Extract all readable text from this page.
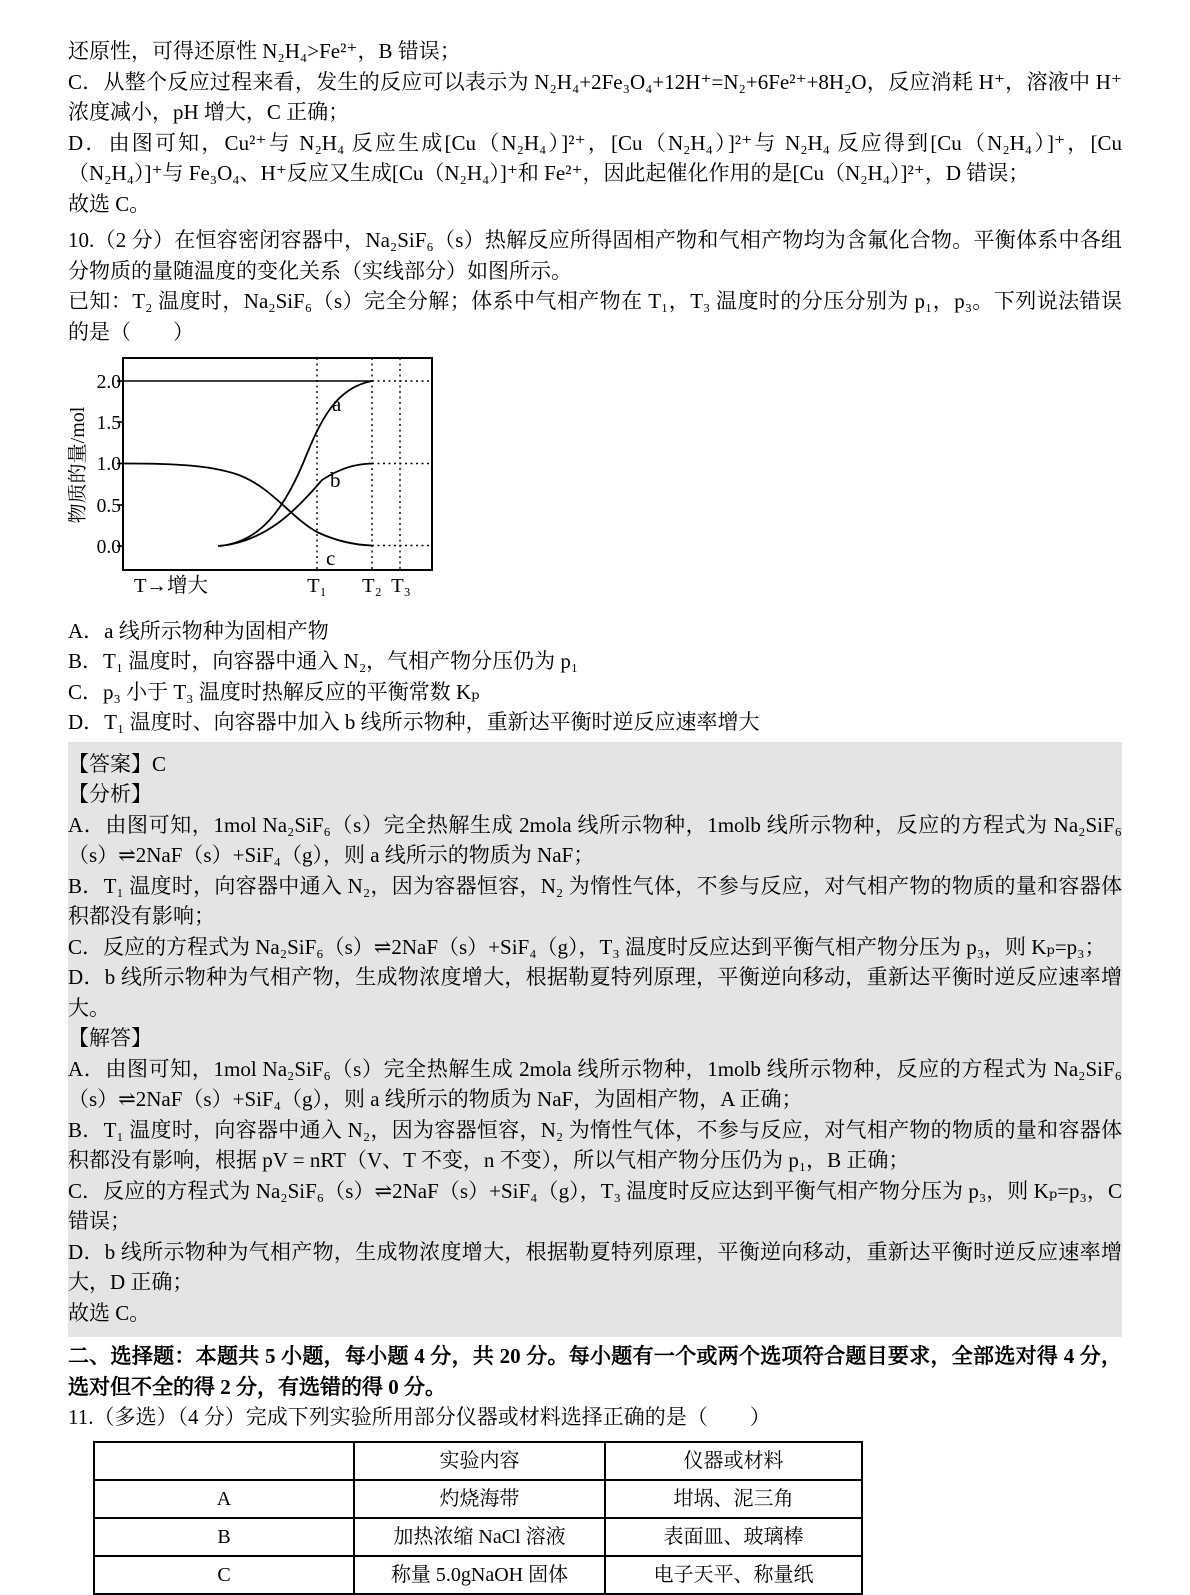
还原性，可得还原性 N₂H₄>Fe²⁺，B 错误；

C．从整个反应过程来看，发生的反应可以表示为 N₂H₄+2Fe₃O₄+12H⁺=N₂+6Fe²⁺+8H₂O，反应消耗 H⁺，溶液中 H⁺浓度减小，pH 增大，C 正确；

D．由图可知，Cu²⁺与 N₂H₄ 反应生成[Cu（N₂H₄）]²⁺，[Cu（N₂H₄）]²⁺与 N₂H₄ 反应得到[Cu（N₂H₄）]⁺，[Cu（N₂H₄）]⁺与 Fe₃O₄、H⁺反应又生成[Cu（N₂H₄）]⁺和 Fe²⁺，因此起催化作用的是[Cu（N₂H₄）]²⁺，D 错误；

故选 C。

10.（2 分）在恒容密闭容器中，Na₂SiF₆（s）热解反应所得固相产物和气相产物均为含氟化合物。平衡体系中各组分物质的量随温度的变化关系（实线部分）如图所示。

已知：T₂ 温度时，Na₂SiF₆（s）完全分解；体系中气相产物在 T₁，T₃ 温度时的分压分别为 p₁，p₃。下列说法错误的是（　　）

a
b
c
2.0
1.5
1.0
0.5
0.0
物质的量/mol
T→增大	T₁ T₂ T₃

A．a 线所示物种为固相产物

B．T₁ 温度时，向容器中通入 N₂，气相产物分压仍为 p₁

C．p₃ 小于 T₃ 温度时热解反应的平衡常数 Kₚ

D．T₁ 温度时、向容器中加入 b 线所示物种，重新达平衡时逆反应速率增大

【答案】C

【分析】

A．由图可知，1mol Na₂SiF₆（s）完全热解生成 2mola 线所示物种，1molb 线所示物种，反应的方程式为 Na₂SiF₆（s）⇌2NaF（s）+SiF₄（g），则 a 线所示的物质为 NaF；

B．T₁ 温度时，向容器中通入 N₂，因为容器恒容，N₂ 为惰性气体，不参与反应，对气相产物的物质的量和容器体积都没有影响；

C．反应的方程式为 Na₂SiF₆（s）⇌2NaF（s）+SiF₄（g），T₃ 温度时反应达到平衡气相产物分压为 p₃，则 Kₚ=p₃；

D．b 线所示物种为气相产物，生成物浓度增大，根据勒夏特列原理，平衡逆向移动，重新达平衡时逆反应速率增大。

【解答】

A．由图可知，1mol Na₂SiF₆（s）完全热解生成 2mola 线所示物种，1molb 线所示物种，反应的方程式为 Na₂SiF₆（s）⇌2NaF（s）+SiF₄（g），则 a 线所示的物质为 NaF，为固相产物，A 正确；

B．T₁ 温度时，向容器中通入 N₂，因为容器恒容，N₂ 为惰性气体，不参与反应，对气相产物的物质的量和容器体积都没有影响，根据 pV = nRT（V、T 不变，n 不变），所以气相产物分压仍为 p₁，B 正确；

C．反应的方程式为 Na₂SiF₆（s）⇌2NaF（s）+SiF₄（g），T₃ 温度时反应达到平衡气相产物分压为 p₃，则 Kₚ=p₃，C 错误；

D．b 线所示物种为气相产物，生成物浓度增大，根据勒夏特列原理，平衡逆向移动，重新达平衡时逆反应速率增大，D 正确；

故选 C。

二、选择题：本题共 5 小题，每小题 4 分，共 20 分。每小题有一个或两个选项符合题目要求，全部选对得 4 分，选对但不全的得 2 分，有选错的得 0 分。

11.（多选）（4 分）完成下列实验所用部分仪器或材料选择正确的是（　　）

	实验内容	仪器或材料
A	灼烧海带	坩埚、泥三角
B	加热浓缩 NaCl 溶液	表面皿、玻璃棒
C	称量 5.0gNaOH 固体	电子天平、称量纸
